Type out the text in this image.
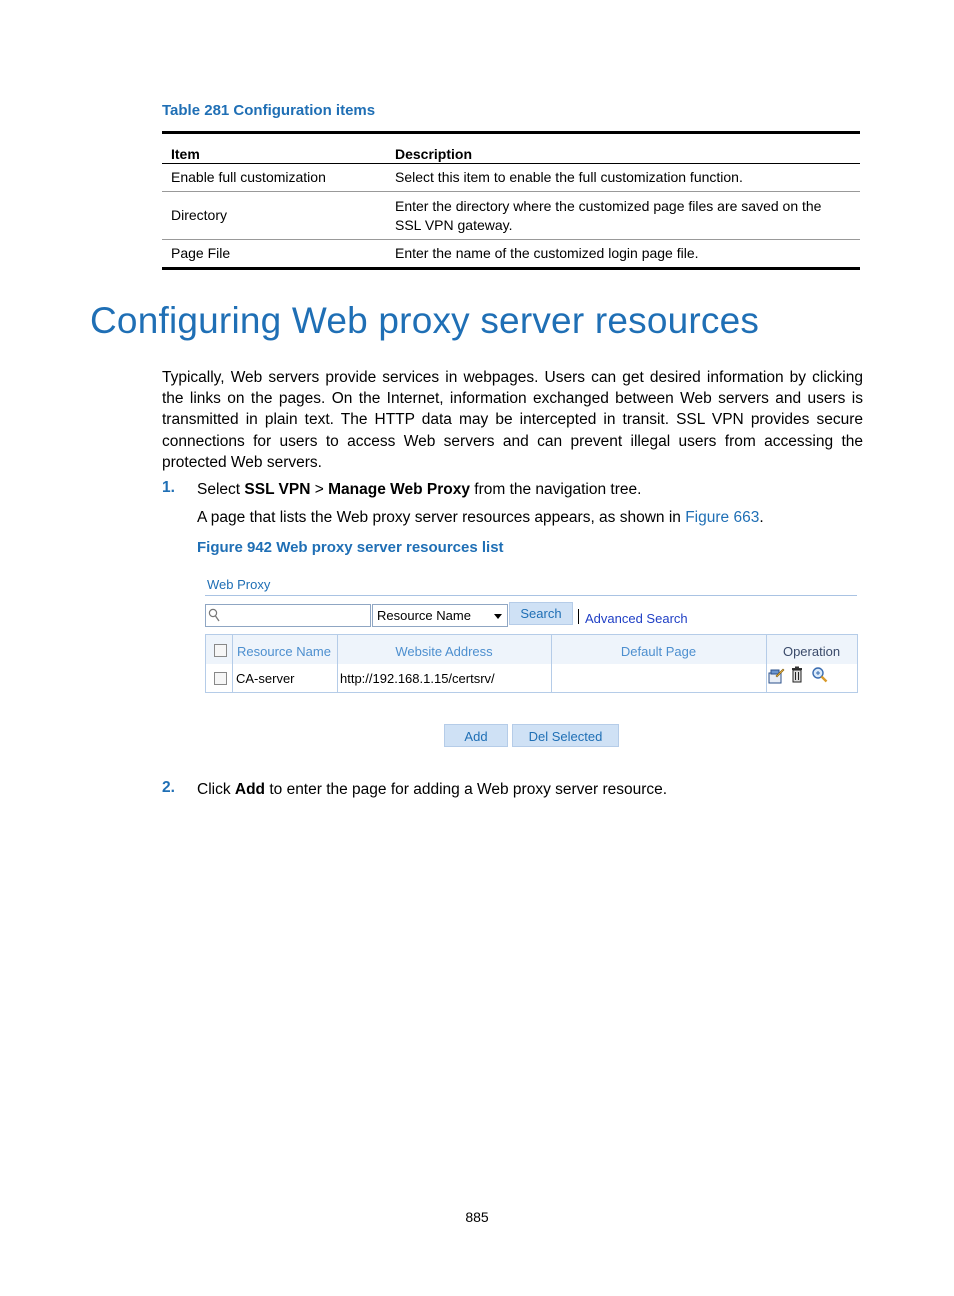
Table 281 Configuration items
Item	Description
Enable full customization	Select this item to enable the full customization function.
Directory	Enter the directory where the customized page files are saved on the SSL VPN gateway.
Page File	Enter the name of the customized login page file.
Configuring Web proxy server resources

Typically, Web servers provide services in webpages. Users can get desired information by clicking the links on the pages. On the Internet, information exchanged between Web servers and users is transmitted in plain text. The HTTP data may be intercepted in transit. SSL VPN provides secure connections for users to access Web servers and can prevent illegal users from accessing the protected Web servers.

1. Select SSL VPN > Manage Web Proxy from the navigation tree.
A page that lists the Web proxy server resources appears, as shown in Figure 663.
Figure 942 Web proxy server resources list
Web Proxy
Resource Name	Search	Advanced Search
Resource Name	Website Address	Default Page	Operation
CA-server	http://192.168.1.15/certsrv/
Add	Del Selected
2. Click Add to enter the page for adding a Web proxy server resource.
885
